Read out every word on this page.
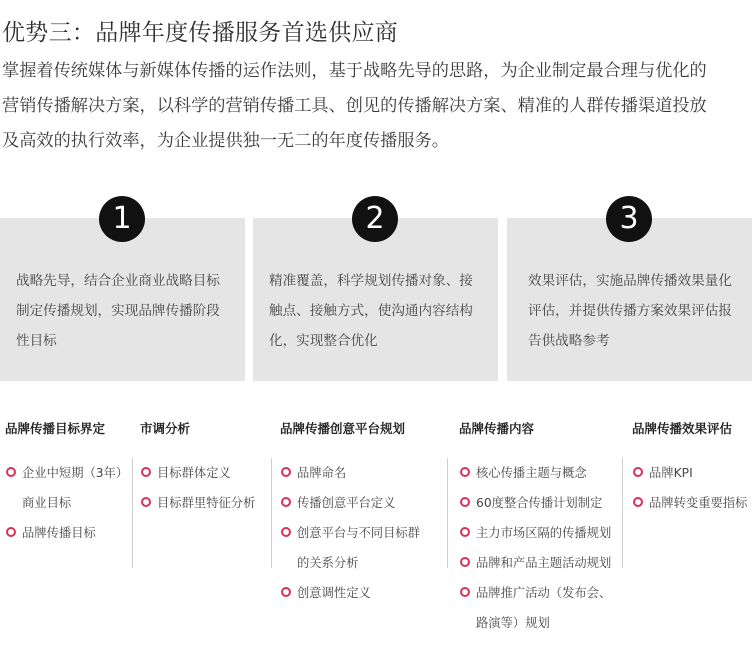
优势三：品牌年度传播服务首选供应商

掌握着传统媒体与新媒体传播的运作法则，基于战略先导的思路，为企业制定最合理与优化的

营销传播解决方案，以科学的营销传播工具、创见的传播解决方案、精准的人群传播渠道投放

及高效的执行效率，为企业提供独一无二的年度传播服务。

战略先导，结合企业商业战略目标

制定传播规划，实现品牌传播阶段

性目标

精准覆盖，科学规划传播对象、接

触点、接触方式，使沟通内容结构

化，实现整合优化

效果评估，实施品牌传播效果量化

评估，并提供传播方案效果评估报

告供战略参考

1	2	3
品牌传播目标界定
企业中短期（3年）
商业目标
品牌传播目标
市调分析
目标群体定义
目标群里特征分析
品牌传播创意平台规划
品牌命名
传播创意平台定义
创意平台与不同目标群
的关系分析
创意调性定义
品牌传播内容
核心传播主题与概念
60度整合传播计划制定
主力市场区隔的传播规划
品牌和产品主题活动规划
品牌推广活动（发布会、
路演等）规划
品牌传播效果评估
品牌KPI
品牌转变重要指标
